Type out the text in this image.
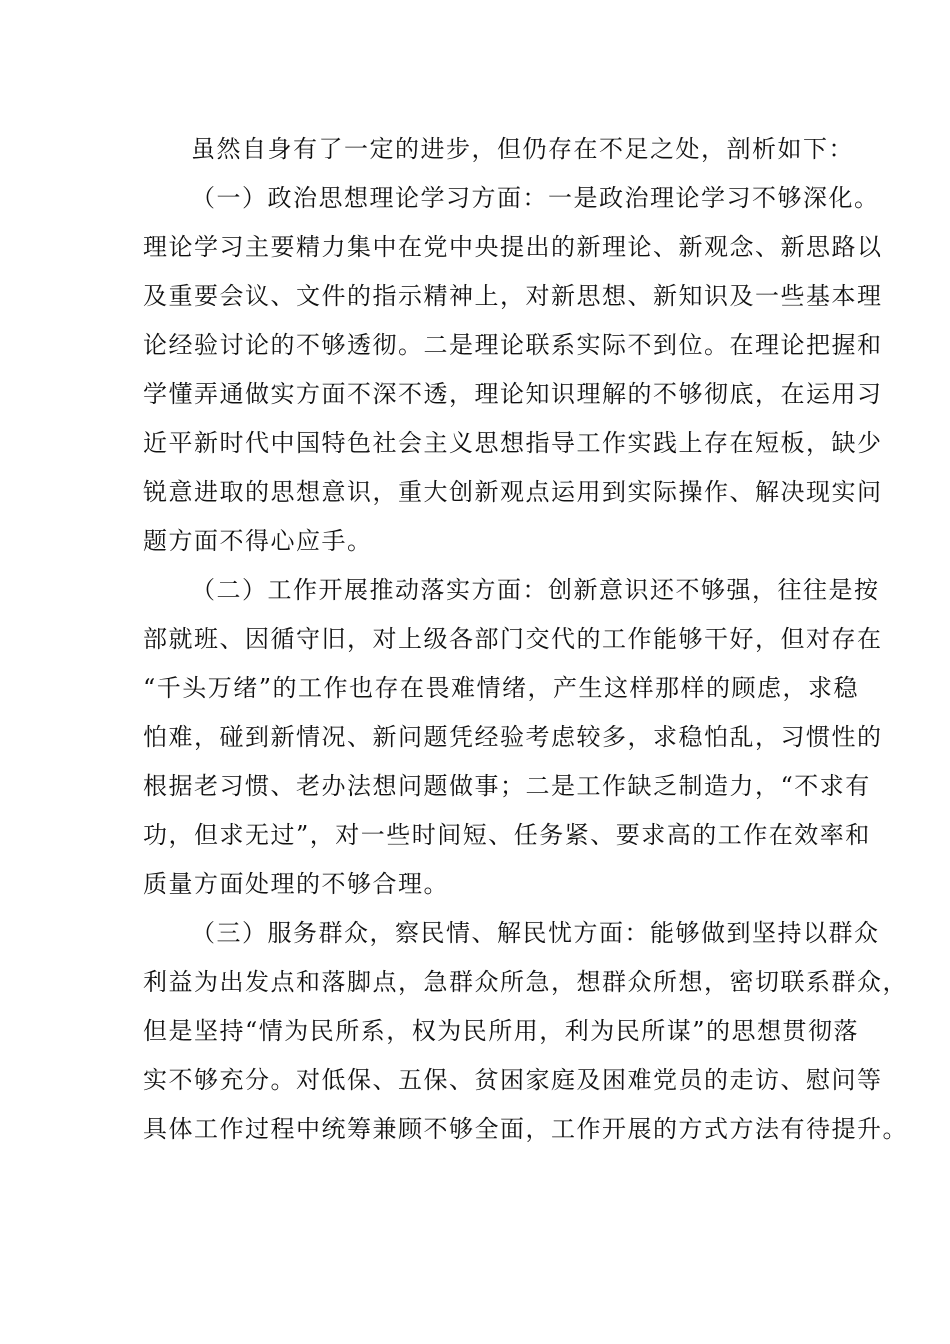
虽然自身有了一定的进步，但仍存在不足之处，剖析如下：
（一）政治思想理论学习方面：一是政治理论学习不够深化。
理论学习主要精力集中在党中央提出的新理论、新观念、新思路以
及重要会议、文件的指示精神上，对新思想、新知识及一些基本理
论经验讨论的不够透彻。二是理论联系实际不到位。在理论把握和
学懂弄通做实方面不深不透，理论知识理解的不够彻底，在运用习
近平新时代中国特色社会主义思想指导工作实践上存在短板，缺少
锐意进取的思想意识，重大创新观点运用到实际操作、解决现实问
题方面不得心应手。
（二）工作开展推动落实方面：创新意识还不够强，往往是按
部就班、因循守旧，对上级各部门交代的工作能够干好，但对存在
“千头万绪”的工作也存在畏难情绪，产生这样那样的顾虑，求稳
怕难，碰到新情况、新问题凭经验考虑较多，求稳怕乱，习惯性的
根据老习惯、老办法想问题做事；二是工作缺乏制造力，“不求有
功，但求无过”，对一些时间短、任务紧、要求高的工作在效率和
质量方面处理的不够合理。
（三）服务群众，察民情、解民忧方面：能够做到坚持以群众
利益为出发点和落脚点，急群众所急，想群众所想，密切联系群众，
但是坚持“情为民所系，权为民所用，利为民所谋”的思想贯彻落
实不够充分。对低保、五保、贫困家庭及困难党员的走访、慰问等
具体工作过程中统筹兼顾不够全面，工作开展的方式方法有待提升。
